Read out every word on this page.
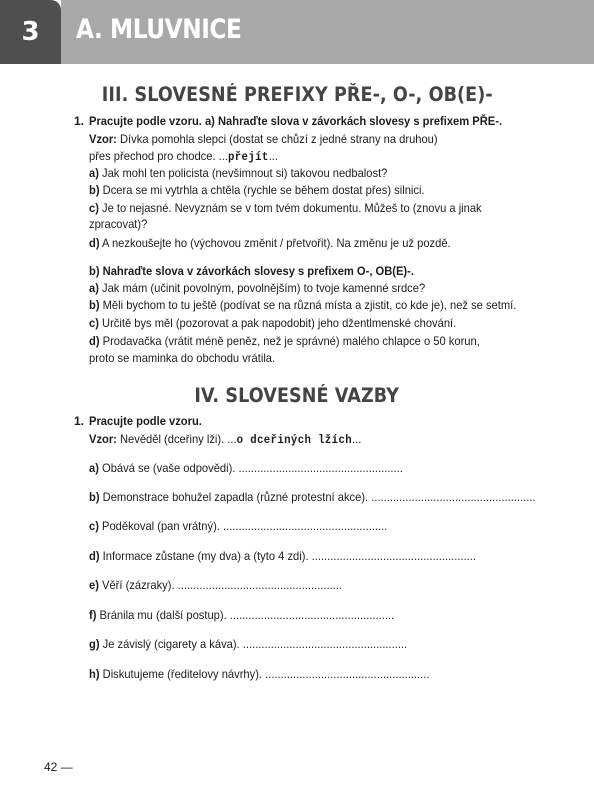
3 A. MLUVNICE
III. SLOVESNÉ PREFIXY PŘE-, O-, OB(E)-
1. Pracujte podle vzoru. a) Nahraďte slova v závorkách slovesy s prefixem PŘE-.
Vzor: Dívka pomohla slepci (dostat se chůzí z jedné strany na druhou)
přes přechod pro chodce. ...přejít...
a) Jak mohl ten policista (nevšimnout si) takovou nedbalost?
b) Dcera se mi vytrhla a chtěla (rychle se během dostat přes) silnici.
c) Je to nejasné. Nevyznám se v tom tvém dokumentu. Můžeš to (znovu a jinak
zpracovat)?
d) A nezkoušejte ho (výchovou změnit / přetvořit). Na změnu je už pozdě.
b) Nahraďte slova v závorkách slovesy s prefixem O-, OB(E)-.
a) Jak mám (učinit povolným, povolnějším) to tvoje kamenné srdce?
b) Měli bychom to tu ještě (podívat se na různá místa a zjistit, co kde je), než se setmí.
c) Určitě bys měl (pozorovat a pak napodobit) jeho džentlmenské chování.
d) Prodavačka (vrátit méně peněz, než je správné) malého chlapce o 50 korun,
proto se maminka do obchodu vrátila.
IV. SLOVESNÉ VAZBY
1. Pracujte podle vzoru.
Vzor: Nevěděl (dceřiny lži). ...o dceřiných lžích...
a) Obává se (vaše odpovědi). .....................................................
b) Demonstrace bohužel zapadla (různé protestní akce). .....................................................
c) Poděkoval (pan vrátný). .....................................................
d) Informace zůstane (my dva) a (tyto 4 zdi). .....................................................
e) Věří (zázraky). .....................................................
f) Bránila mu (další postup). .....................................................
g) Je závislý (cigarety a káva). .....................................................
h) Diskutujeme (ředitelovy návrhy). .....................................................
42 —
